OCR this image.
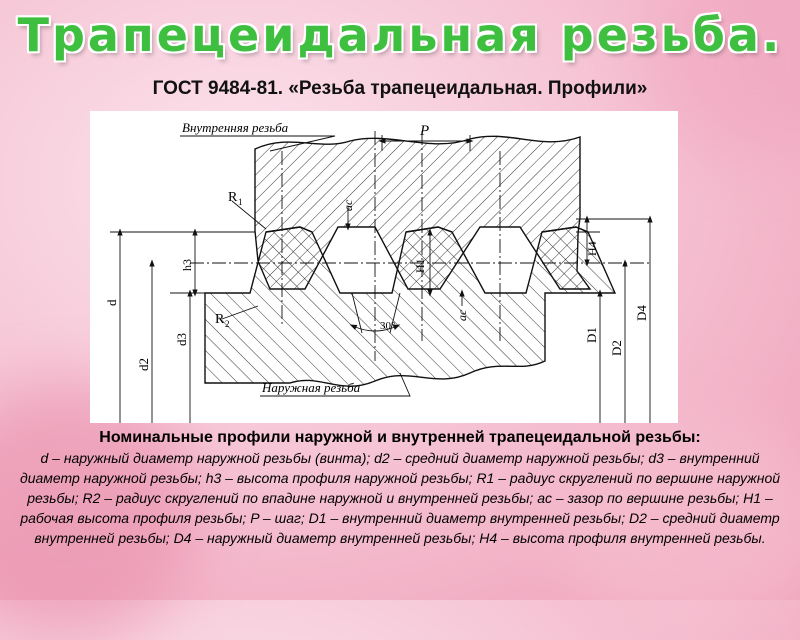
Трапецеидальная резьба.
ГОСТ 9484-81. «Резьба трапецеидальная. Профили»
Внутренняя резьба
Наружная резьба
P
R 1
R 2	30°
ac
ac
h3	H1
H4
d
d2
d3	D1
D2
D4
Номинальные профили наружной и внутренней трапецеидальной резьбы:
d – наружный диаметр наружной резьбы (винта); d2 – средний диаметр наружной резьбы; d3 – внутренний диаметр наружной резьбы; h3 – высота профиля наружной резьбы; R1 – радиус скруглений по вершине наружной резьбы; R2 – радиус скруглений по впадине наружной и внутренней резьбы; ac – зазор по вершине резьбы; H1 – рабочая высота профиля резьбы; P – шаг; D1 – внутренний диаметр внутренней резьбы; D2 – средний диаметр внутренней резьбы; D4 – наружный диаметр внутренней резьбы; H4 – высота профиля внутренней резьбы.
